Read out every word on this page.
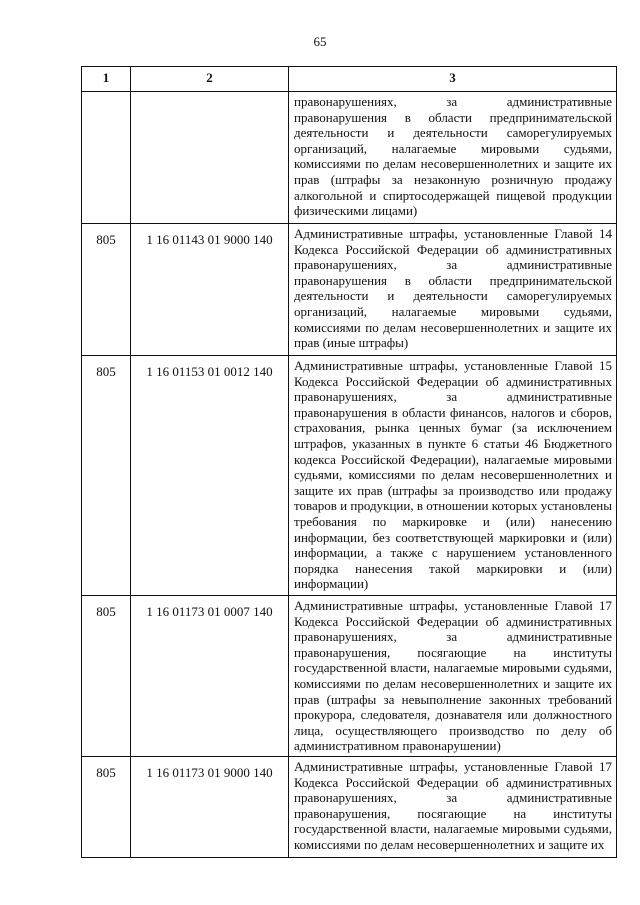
65
1	2	3

		правонарушениях, за административные правонарушения в области предпринимательской деятельности и деятельности саморегулируемых организаций, налагаемые мировыми судьями, комиссиями по делам несовершеннолетних и защите их прав (штрафы за незаконную розничную продажу алкогольной и спиртосодержащей пищевой продукции физическими лицами)

805	1 16 01143 01 9000 140	Административные штрафы, установленные Главой 14 Кодекса Российской Федерации об административных правонарушениях, за административные правонарушения в области предпринимательской деятельности и деятельности саморегулируемых организаций, налагаемые мировыми судьями, комиссиями по делам несовершеннолетних и защите их прав (иные штрафы)

805	1 16 01153 01 0012 140	Административные штрафы, установленные Главой 15 Кодекса Российской Федерации об административных правонарушениях, за административные правонарушения в области финансов, налогов и сборов, страхования, рынка ценных бумаг (за исключением штрафов, указанных в пункте 6 статьи 46 Бюджетного кодекса Российской Федерации), налагаемые мировыми судьями, комиссиями по делам несовершеннолетних и защите их прав (штрафы за производство или продажу товаров и продукции, в отношении которых установлены требования по маркировке и (или) нанесению информации, без соответствующей маркировки и (или) информации, а также с нарушением установленного порядка нанесения такой маркировки и (или) информации)

805	1 16 01173 01 0007 140	Административные штрафы, установленные Главой 17 Кодекса Российской Федерации об административных правонарушениях, за административные правонарушения, посягающие на институты государственной власти, налагаемые мировыми судьями, комиссиями по делам несовершеннолетних и защите их прав (штрафы за невыполнение законных требований прокурора, следователя, дознавателя или должностного лица, осуществляющего производство по делу об административном правонарушении)

805	1 16 01173 01 9000 140	Административные штрафы, установленные Главой 17 Кодекса Российской Федерации об административных правонарушениях, за административные правонарушения, посягающие на институты государственной власти, налагаемые мировыми судьями, комиссиями по делам несовершеннолетних и защите их
